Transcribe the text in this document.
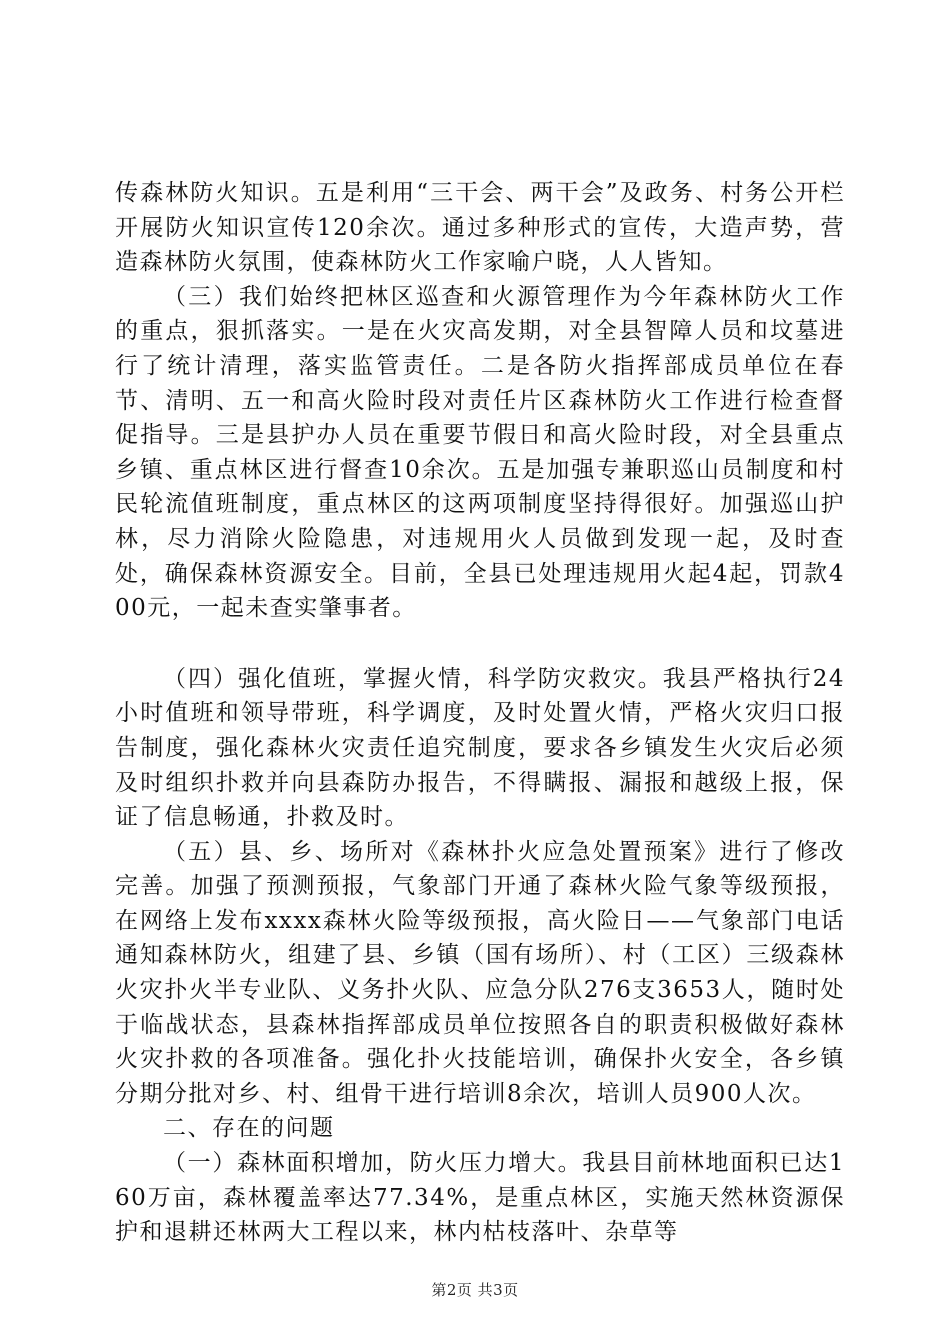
传森林防火知识。五是利用“三干会、两干会”及政务、村务公开栏开展防火知识宣传120余次。通过多种形式的宣传，大造声势，营造森林防火氛围，使森林防火工作家喻户晓，人人皆知。

（三）我们始终把林区巡查和火源管理作为今年森林防火工作的重点，狠抓落实。一是在火灾高发期，对全县智障人员和坟墓进行了统计清理，落实监管责任。二是各防火指挥部成员单位在春节、清明、五一和高火险时段对责任片区森林防火工作进行检查督促指导。三是县护办人员在重要节假日和高火险时段，对全县重点乡镇、重点林区进行督查10余次。五是加强专兼职巡山员制度和村民轮流值班制度，重点林区的这两项制度坚持得很好。加强巡山护林，尽力消除火险隐患，对违规用火人员做到发现一起，及时查处，确保森林资源安全。目前，全县已处理违规用火起4起，罚款400元，一起未查实肇事者。

（四）强化值班，掌握火情，科学防灾救灾。我县严格执行24小时值班和领导带班，科学调度，及时处置火情，严格火灾归口报告制度，强化森林火灾责任追究制度，要求各乡镇发生火灾后必须及时组织扑救并向县森防办报告，不得瞒报、漏报和越级上报，保证了信息畅通，扑救及时。

（五）县、乡、场所对《森林扑火应急处置预案》进行了修改完善。加强了预测预报，气象部门开通了森林火险气象等级预报，在网络上发布xxxx森林火险等级预报，高火险日——气象部门电话通知森林防火，组建了县、乡镇（国有场所）、村（工区）三级森林火灾扑火半专业队、义务扑火队、应急分队276支3653人，随时处于临战状态，县森林指挥部成员单位按照各自的职责积极做好森林火灾扑救的各项准备。强化扑火技能培训，确保扑火安全，各乡镇分期分批对乡、村、组骨干进行培训8余次，培训人员900人次。

二、存在的问题

（一）森林面积增加，防火压力增大。我县目前林地面积已达160万亩，森林覆盖率达77.34%，是重点林区，实施天然林资源保护和退耕还林两大工程以来，林内枯枝落叶、杂草等

第2页 共3页
